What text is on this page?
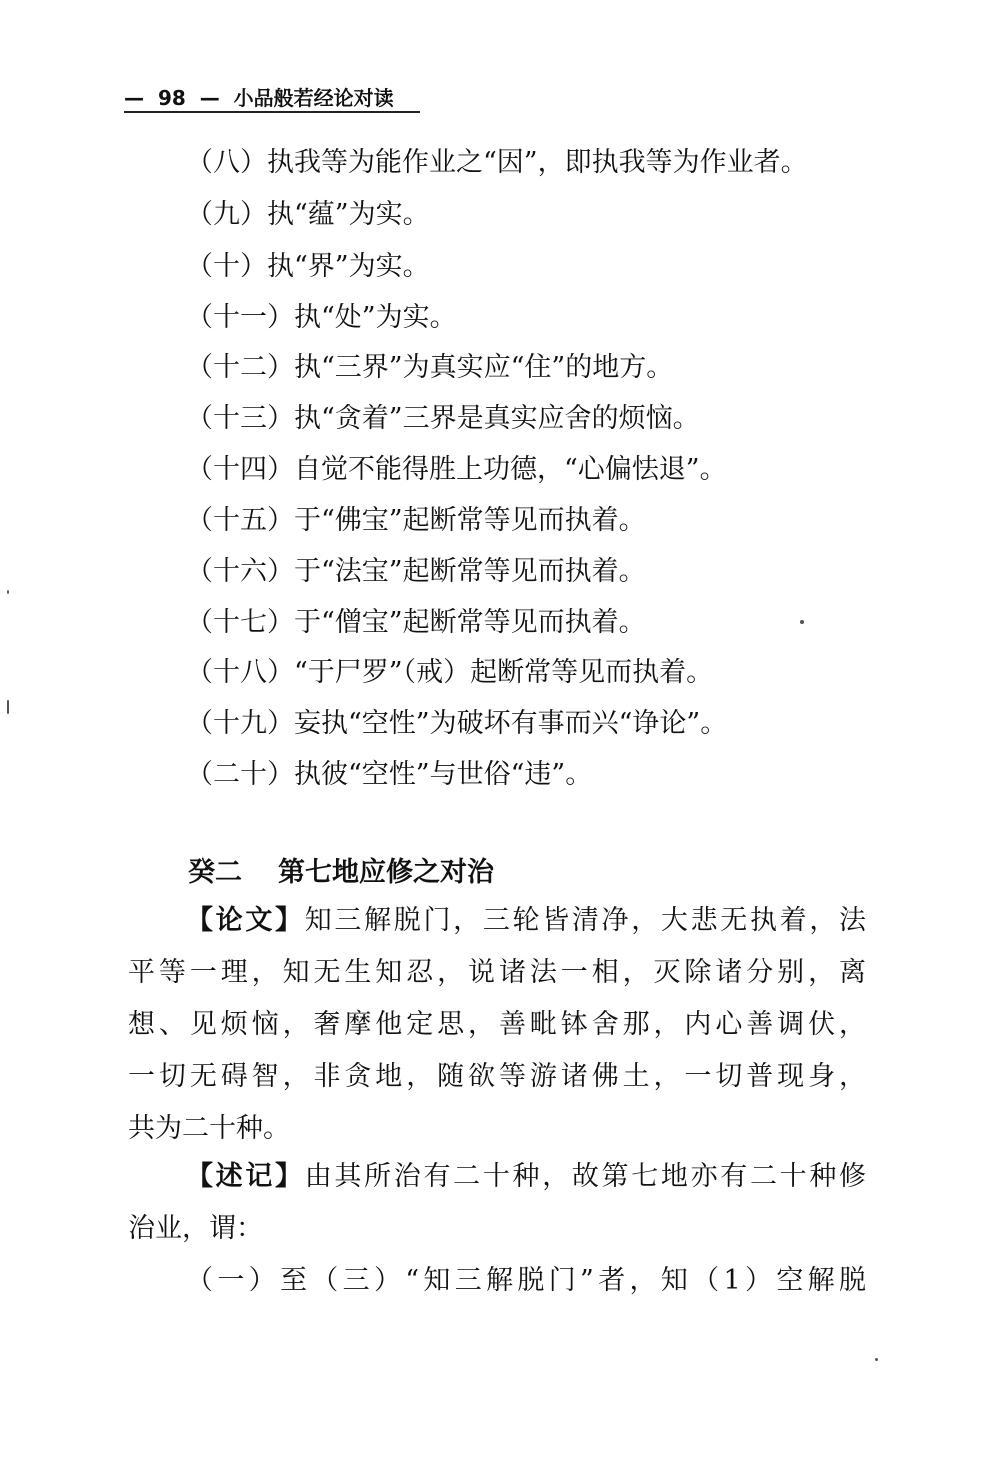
—  98  —  小品般若经论对读
（八）执我等为能作业之“因”，即执我等为作业者。
（九）执“蕴”为实。
（十）执“界”为实。
（十一）执“处”为实。
（十二）执“三界”为真实应“住”的地方。
（十三）执“贪着”三界是真实应舍的烦恼。
（十四）自觉不能得胜上功德，“心偏怯退”。
（十五）于“佛宝”起断常等见而执着。
（十六）于“法宝”起断常等见而执着。
（十七）于“僧宝”起断常等见而执着。
（十八）“于尸罗”（戒）起断常等见而执着。
（十九）妄执“空性”为破坏有事而兴“诤论”。
（二十）执彼“空性”与世俗“违”。
癸二 第七地应修之对治
【论文】知三解脱门，三轮皆清净，大悲无执着，法
平等一理，知无生知忍，说诸法一相，灭除诸分别，离
想、见烦恼，奢摩他定思，善毗钵舍那，内心善调伏，
一切无碍智，非贪地，随欲等游诸佛土，一切普现身，
共为二十种。
【述记】由其所治有二十种，故第七地亦有二十种修
治业，谓：
（一）至（三）“知三解脱门”者，知（1）空解脱
